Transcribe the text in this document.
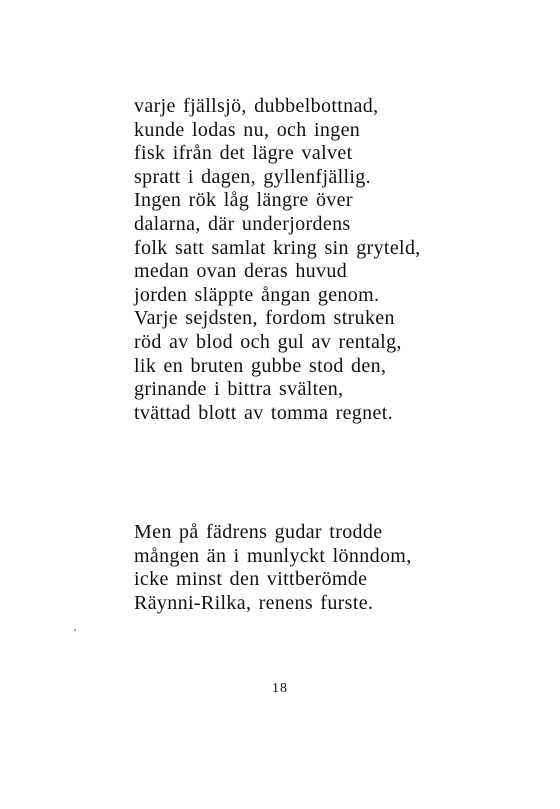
varje fjällsjö, dubbelbottnad,
kunde lodas nu, och ingen
fisk ifrån det lägre valvet
spratt i dagen, gyllenfjällig.
Ingen rök låg längre över
dalarna, där underjordens
folk satt samlat kring sin gryteld,
medan ovan deras huvud
jorden släppte ångan genom.
Varje sejdsten, fordom struken
röd av blod och gul av rentalg,
lik en bruten gubbe stod den,
grinande i bittra svälten,
tvättad blott av tomma regnet.
Men på fädrens gudar trodde
mången än i munlyckt lönndom,
icke minst den vittberömde
Räynni-Rilka, renens furste.
18
